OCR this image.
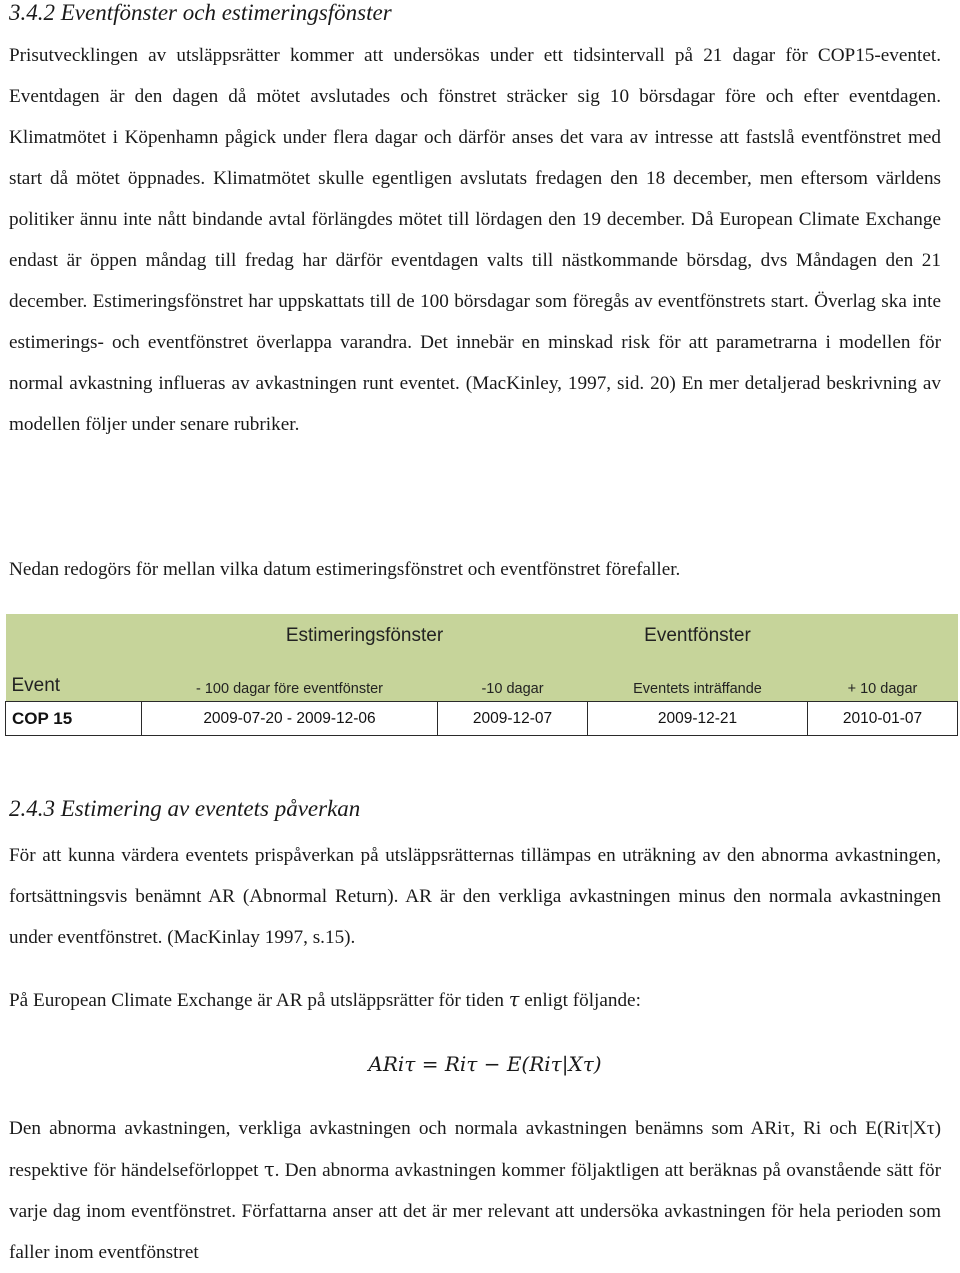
3.4.2 Eventfönster och estimeringsfönster

Prisutvecklingen av utsläppsrätter kommer att undersökas under ett tidsintervall på 21 dagar för COP15-eventet. Eventdagen är den dagen då mötet avslutades och fönstret sträcker sig 10 börsdagar före och efter eventdagen. Klimatmötet i Köpenhamn pågick under flera dagar och därför anses det vara av intresse att fastslå eventfönstret med start då mötet öppnades. Klimatmötet skulle egentligen avslutats fredagen den 18 december, men eftersom världens politiker ännu inte nått bindande avtal förlängdes mötet till lördagen den 19 december. Då European Climate Exchange endast är öppen måndag till fredag har därför eventdagen valts till nästkommande börsdag, dvs Måndagen den 21 december. Estimeringsfönstret har uppskattats till de 100 börsdagar som föregås av eventfönstrets start. Överlag ska inte estimerings- och eventfönstret överlappa varandra. Det innebär en minskad risk för att parametrarna i modellen för normal avkastning influeras av avkastningen runt eventet. (MacKinley, 1997, sid. 20) En mer detaljerad beskrivning av modellen följer under senare rubriker.

Nedan redogörs för mellan vilka datum estimeringsfönstret och eventfönstret förefaller.

	Estimeringsfönster		Eventfönster	
Event	- 100 dagar före eventfönster	-10 dagar	Eventets inträffande	+ 10 dagar
COP 15	2009-07-20 - 2009-12-06	2009-12-07	2009-12-21	2010-01-07
2.4.3 Estimering av eventets påverkan

För att kunna värdera eventets prispåverkan på utsläppsrätternas tillämpas en uträkning av den abnorma avkastningen, fortsättningsvis benämnt AR (Abnormal Return). AR är den verkliga avkastningen minus den normala avkastningen under eventfönstret. (MacKinlay 1997, s.15).

På European Climate Exchange är AR på utsläppsrätter för tiden τ enligt följande:

AR𝑖𝜏 = R𝑖𝜏 − E(R𝑖𝜏|X𝜏)

Den abnorma avkastningen, verkliga avkastningen och normala avkastningen benämns som ARiτ, Ri och E(Riτ|Xτ) respektive för händelseförloppet τ. Den abnorma avkastningen kommer följaktligen att beräknas på ovanstående sätt för varje dag inom eventfönstret. Författarna anser att det är mer relevant att undersöka avkastningen för hela perioden som faller inom eventfönstret
